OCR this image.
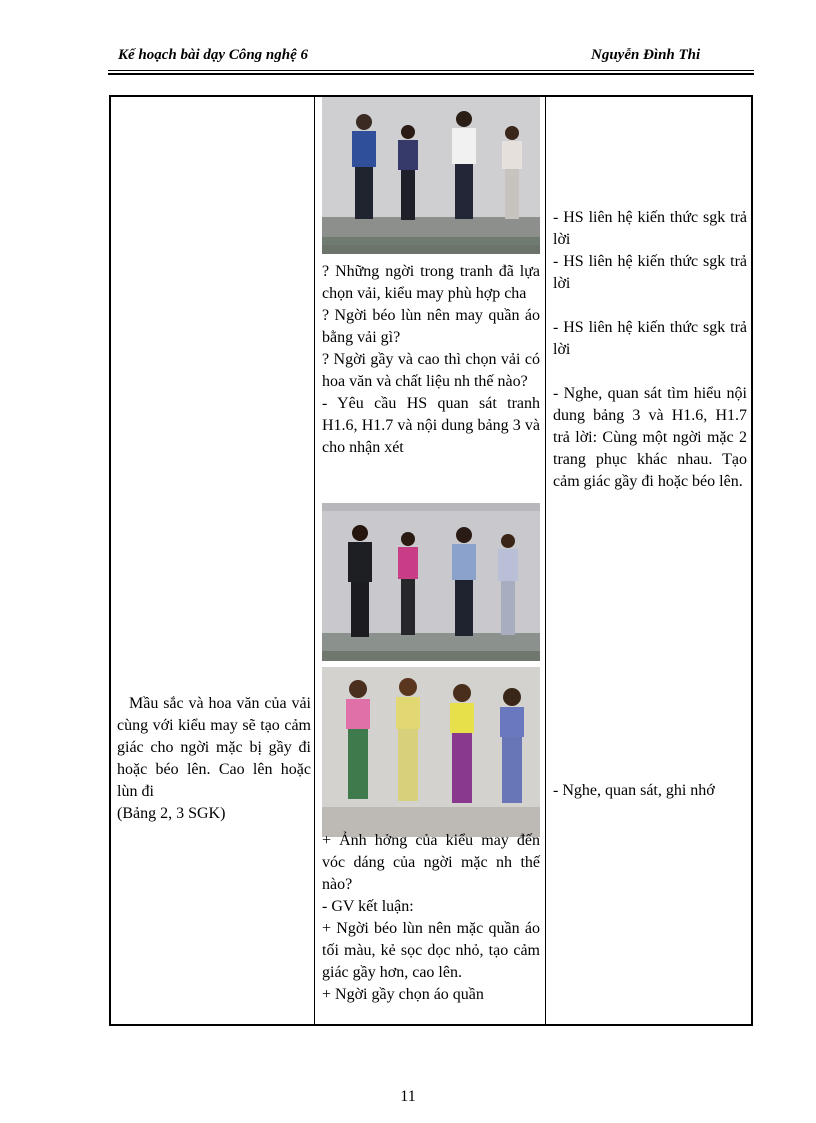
Kế hoạch bài dạy Công nghệ 6	Nguyễn Đình Thi

Mầu sắc và hoa văn của vải cùng với kiểu may sẽ tạo cảm giác cho ngời mặc bị gầy đi hoặc béo lên. Cao lên hoặc lùn đi

(Bảng 2, 3 SGK)

? Những ngời trong tranh đã lựa chọn vải, kiểu may phù hợp cha

? Ngời béo lùn nên may quần áo bằng vải gì?

? Ngời gầy và cao thì chọn vải có hoa văn và chất liệu nh thế nào?

- Yêu cầu HS quan sát tranh H1.6, H1.7 và nội dung bảng 3 và cho nhận xét

+ Ảnh hởng của kiểu may đến vóc dáng của ngời mặc nh thế nào?

- GV kết luận:

+ Ngời béo lùn nên mặc quần áo tối màu, kẻ sọc dọc nhỏ, tạo cảm giác gầy hơn, cao lên.

+ Ngời gầy chọn áo quần

- HS liên hệ kiến thức sgk trả lời

- HS liên hệ kiến thức sgk trả lời

- HS liên hệ kiến thức sgk trả lời

- Nghe, quan sát tìm hiểu nội dung bảng 3 và H1.6, H1.7 trả lời: Cùng một ngời mặc 2 trang phục khác nhau. Tạo cảm giác gầy đi hoặc béo lên.

- Nghe, quan sát, ghi nhớ

11
